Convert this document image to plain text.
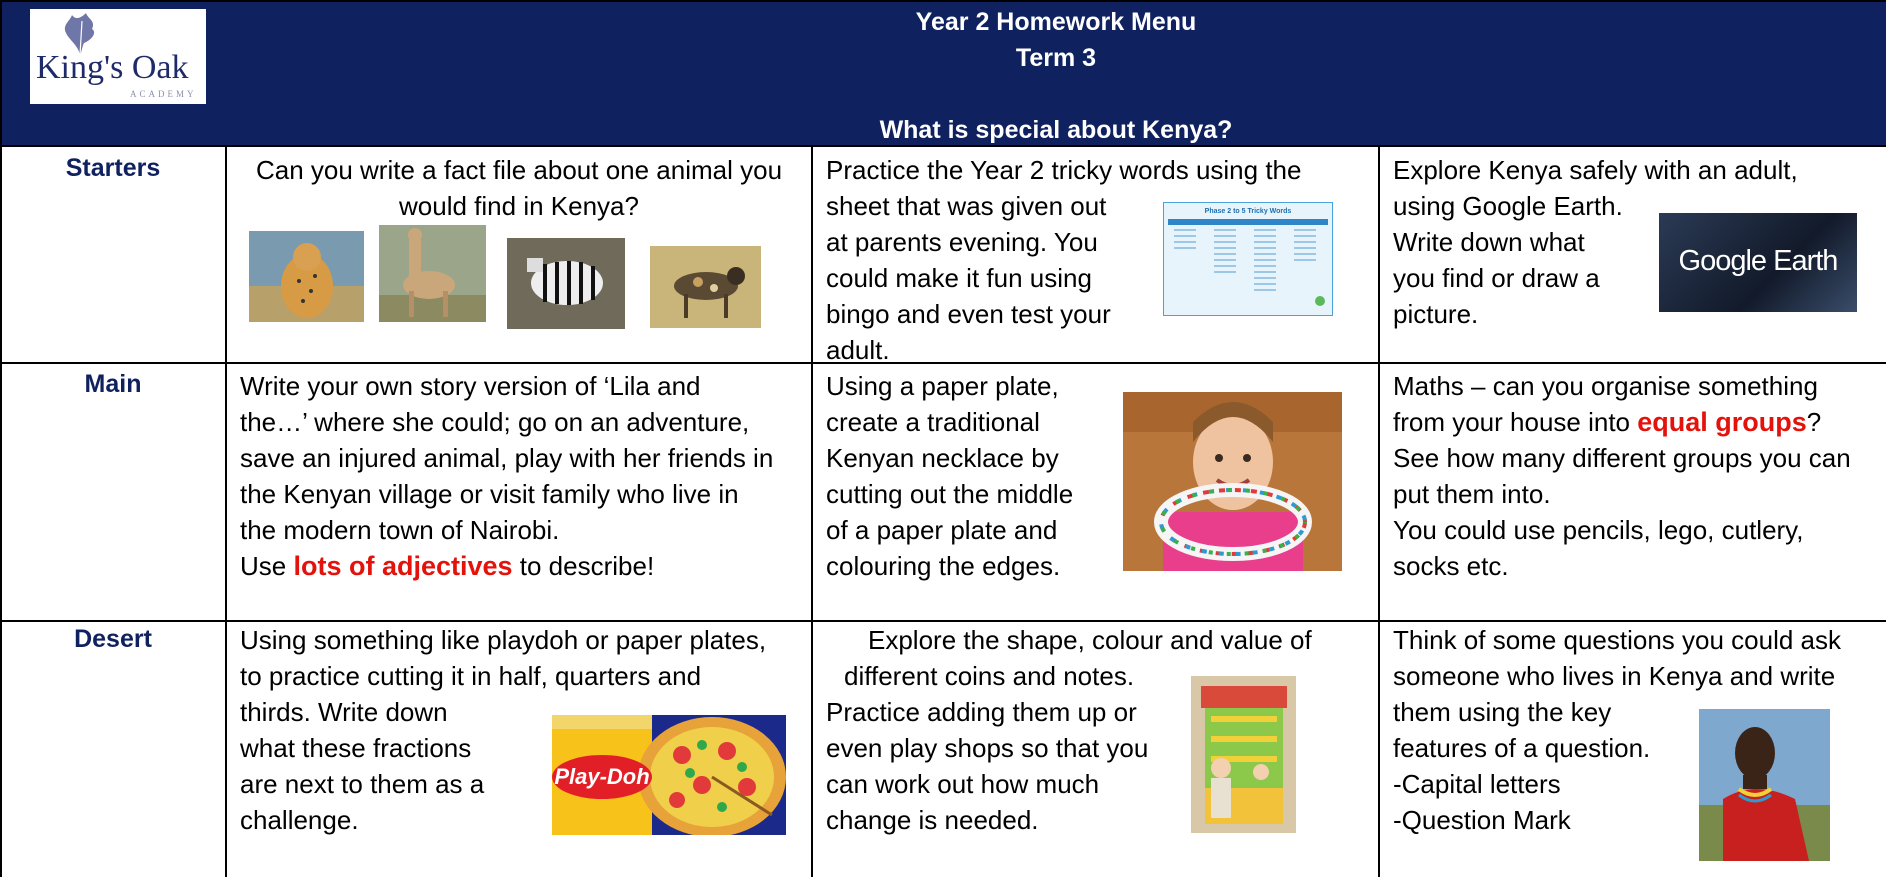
King's Oak
ACADEMY
Year 2 Homework Menu
Term 3
What is special about Kenya?
Starters
Main
Desert
Can you write a fact file about one animal you
would find in Kenya?
Practice the Year 2 tricky words using the
sheet that was given out
at parents evening. You
could make it fun using
bingo and even test your
adult.
Phase 2 to 5 Tricky Words
Explore Kenya safely with an adult,
using Google Earth.
Write down what
you find or draw a
picture.
Google Earth
Write your own story version of ‘Lila and
the…’ where she could; go on an adventure,
save an injured animal, play with her friends in
the Kenyan village or visit family who live in
the modern town of Nairobi.
Use lots of adjectives to describe!
Using a paper plate,
create a traditional
Kenyan necklace by
cutting out the middle
of a paper plate and
colouring the edges.
Maths – can you organise something
from your house into equal groups?
See how many different groups you can
put them into.
You could use pencils, lego, cutlery,
socks etc.
Using something like playdoh or paper plates,
to practice cutting it in half, quarters and
thirds. Write down
what these fractions
are next to them as a
challenge.
Play-Doh
Explore the shape, colour and value of
different coins and notes.
Practice adding them up or
even play shops so that you
can work out how much
change is needed.
Think of some questions you could ask
someone who lives in Kenya and write
them using the key
features of a question.
-Capital letters
-Question Mark
